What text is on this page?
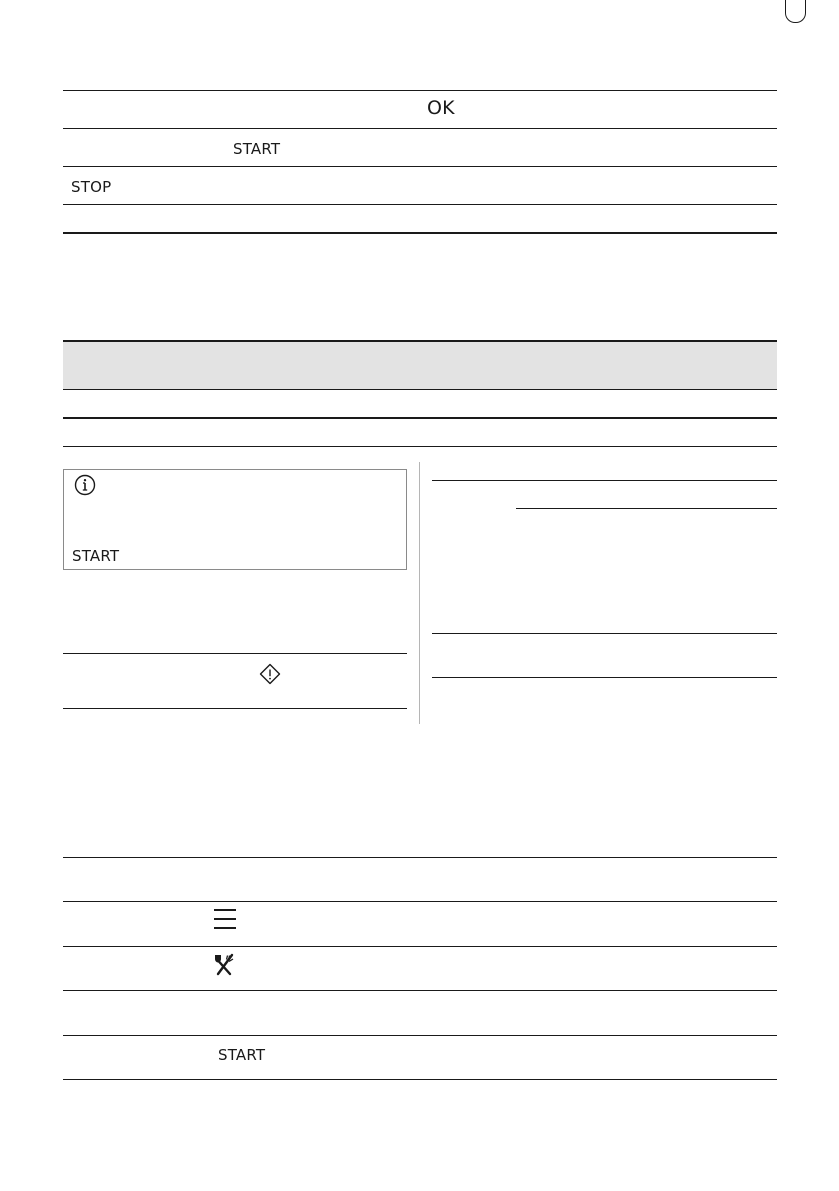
OK
START
STOP
START
START
